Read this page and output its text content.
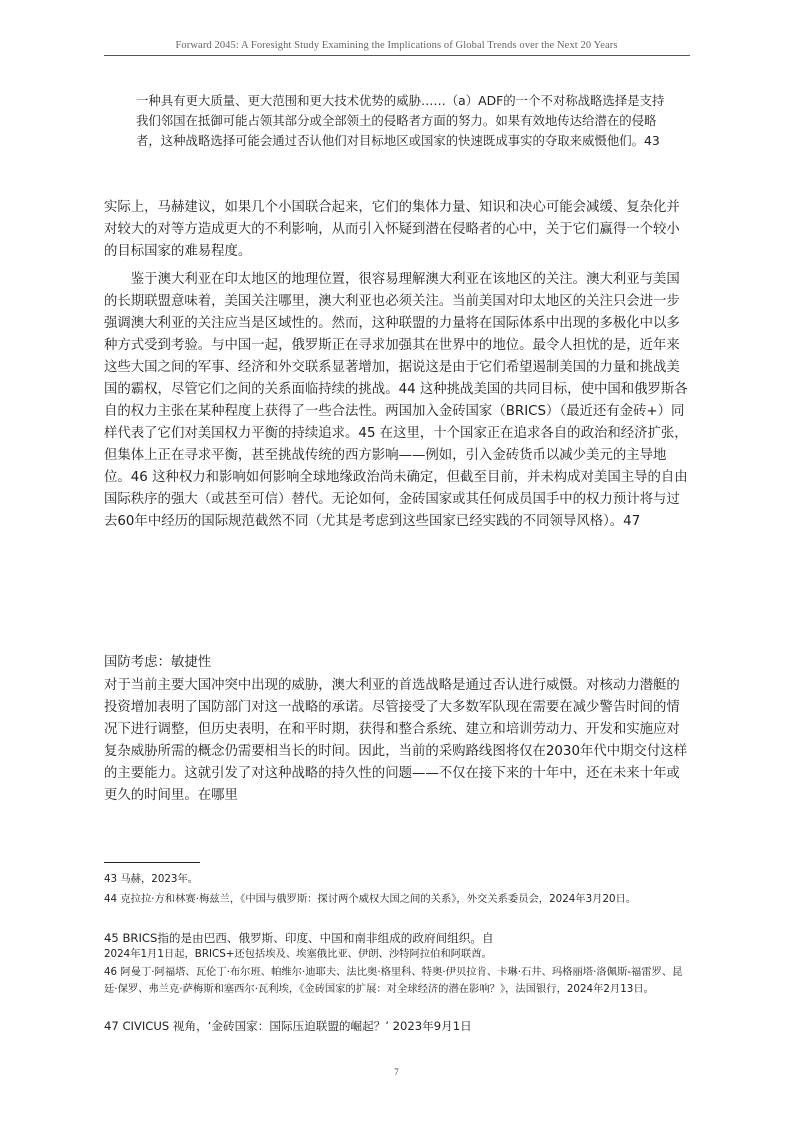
Forward 2045: A Foresight Study Examining the Implications of Global Trends over the Next 20 Years
一种具有更大质量、更大范围和更大技术优势的威胁……（a）ADF的一个不对称战略选择是支持我们邻国在抵御可能占领其部分或全部领土的侵略者方面的努力。如果有效地传达给潜在的侵略者，这种战略选择可能会通过否认他们对目标地区或国家的快速既成事实的夺取来威慑他们。43

实际上，马赫建议，如果几个小国联合起来，它们的集体力量、知识和决心可能会减缓、复杂化并对较大的对等方造成更大的不利影响，从而引入怀疑到潜在侵略者的心中，关于它们赢得一个较小的目标国家的难易程度。

鉴于澳大利亚在印太地区的地理位置，很容易理解澳大利亚在该地区的关注。澳大利亚与美国的长期联盟意味着，美国关注哪里，澳大利亚也必须关注。当前美国对印太地区的关注只会进一步强调澳大利亚的关注应当是区域性的。然而，这种联盟的力量将在国际体系中出现的多极化中以多种方式受到考验。与中国一起，俄罗斯正在寻求加强其在世界中的地位。最令人担忧的是，近年来这些大国之间的军事、经济和外交联系显著增加，据说这是由于它们希望遏制美国的力量和挑战美国的霸权，尽管它们之间的关系面临持续的挑战。44 这种挑战美国的共同目标，使中国和俄罗斯各自的权力主张在某种程度上获得了一些合法性。两国加入金砖国家（BRICS）（最近还有金砖+）同样代表了它们对美国权力平衡的持续追求。45 在这里，十个国家正在追求各自的政治和经济扩张，但集体上正在寻求平衡，甚至挑战传统的西方影响——例如，引入金砖货币以减少美元的主导地位。46 这种权力和影响如何影响全球地缘政治尚未确定，但截至目前，并未构成对美国主导的自由国际秩序的强大（或甚至可信）替代。无论如何，金砖国家或其任何成员国手中的权力预计将与过去60年中经历的国际规范截然不同（尤其是考虑到这些国家已经实践的不同领导风格）。47

国防考虑：敏捷性

对于当前主要大国冲突中出现的威胁，澳大利亚的首选战略是通过否认进行威慑。对核动力潜艇的投资增加表明了国防部门对这一战略的承诺。尽管接受了大多数军队现在需要在减少警告时间的情况下进行调整，但历史表明，在和平时期，获得和整合系统、建立和培训劳动力、开发和实施应对复杂威胁所需的概念仍需要相当长的时间。因此，当前的采购路线图将仅在2030年代中期交付这样的主要能力。这就引发了对这种战略的持久性的问题——不仅在接下来的十年中，还在未来十年或更久的时间里。在哪里

43 马赫，2023年。

44 克拉拉·方和林赛·梅兹兰，《中国与俄罗斯：探讨两个威权大国之间的关系》，外交关系委员会，2024年3月20日。

45 BRICS指的是由巴西、俄罗斯、印度、中国和南非组成的政府间组织。自

2024年1月1日起，BRICS+还包括埃及、埃塞俄比亚、伊朗、沙特阿拉伯和阿联酋。

46 阿曼丁·阿福塔、瓦伦丁·布尔班、帕维尔·迪耶夫、法比奥·格里科、特奥·伊贝拉肯、卡琳·石井、玛格丽塔·洛佩斯-福雷罗、昆廷·保罗、弗兰克·萨梅斯和塞西尔·瓦利埃，《金砖国家的扩展：对全球经济的潜在影响？》，法国银行，2024年2月13日。

47 CIVICUS 视角，‘金砖国家：国际压迫联盟的崛起？’ 2023年9月1日

7
